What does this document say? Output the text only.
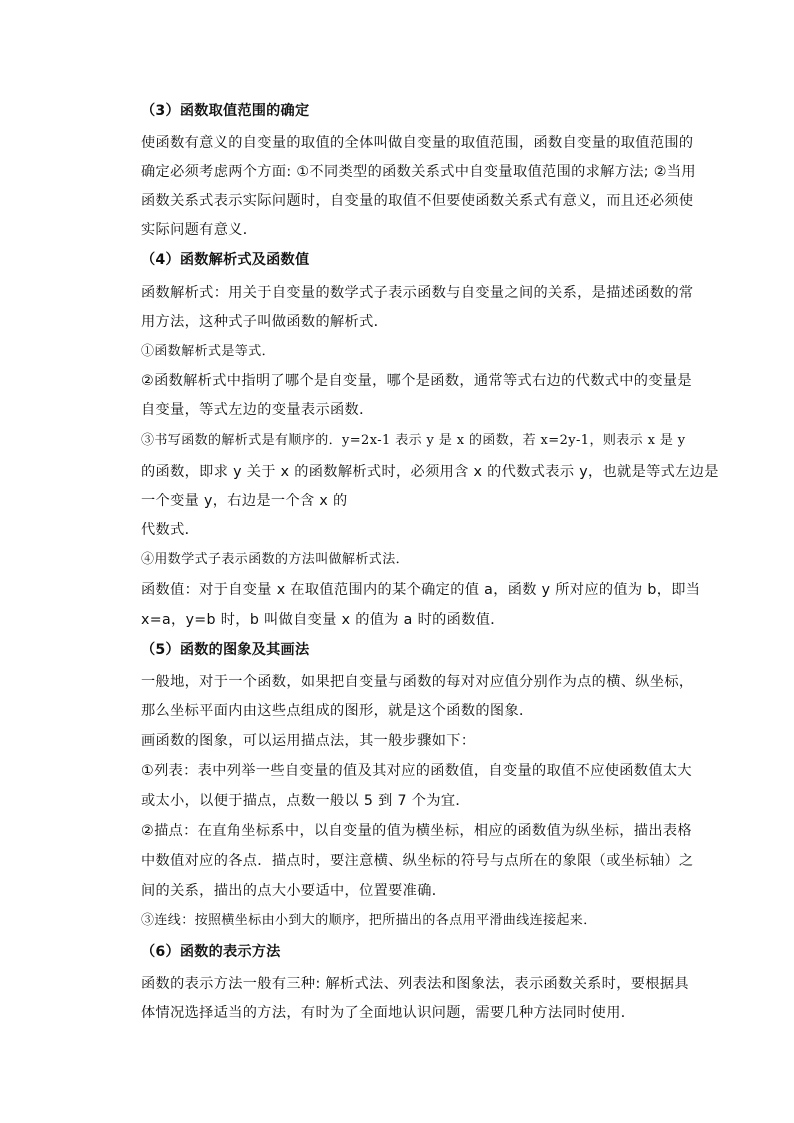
（3）函数取值范围的确定
使函数有意义的自变量的取值的全体叫做自变量的取值范围，函数自变量的取值范围的
确定必须考虑两个方面: ①不同类型的函数关系式中自变量取值范围的求解方法; ②当用
函数关系式表示实际问题时，自变量的取值不但要使函数关系式有意义，而且还必须使
实际问题有意义．
（4）函数解析式及函数值
函数解析式：用关于自变量的数学式子表示函数与自变量之间的关系，是描述函数的常
用方法，这种式子叫做函数的解析式．
①函数解析式是等式．
②函数解析式中指明了哪个是自变量，哪个是函数，通常等式右边的代数式中的变量是
自变量，等式左边的变量表示函数．
③书写函数的解析式是有顺序的．y=2x-1 表示 y 是 x 的函数，若 x=2y-1，则表示 x 是 y
的函数，即求 y 关于 x 的函数解析式时，必须用含 x 的代数式表示 y，也就是等式左边是
一个变量 y，右边是一个含 x 的
代数式．
④用数学式子表示函数的方法叫做解析式法．
函数值：对于自变量 x 在取值范围内的某个确定的值 a，函数 y 所对应的值为 b，即当
x=a，y=b 时，b 叫做自变量 x 的值为 a 时的函数值．
（5）函数的图象及其画法
一般地，对于一个函数，如果把自变量与函数的每对对应值分别作为点的横、纵坐标，
那么坐标平面内由这些点组成的图形，就是这个函数的图象．
画函数的图象，可以运用描点法，其一般步骤如下：
①列表：表中列举一些自变量的值及其对应的函数值，自变量的取值不应使函数值太大
或太小，以便于描点，点数一般以 5 到 7 个为宜．
②描点：在直角坐标系中，以自变量的值为横坐标，相应的函数值为纵坐标，描出表格
中数值对应的各点．描点时，要注意横、纵坐标的符号与点所在的象限（或坐标轴）之
间的关系，描出的点大小要适中，位置要准确．
③连线：按照横坐标由小到大的顺序，把所描出的各点用平滑曲线连接起来．
（6）函数的表示方法
函数的表示方法一般有三种: 解析式法、列表法和图象法，表示函数关系时，要根据具
体情况选择适当的方法，有时为了全面地认识问题，需要几种方法同时使用．
